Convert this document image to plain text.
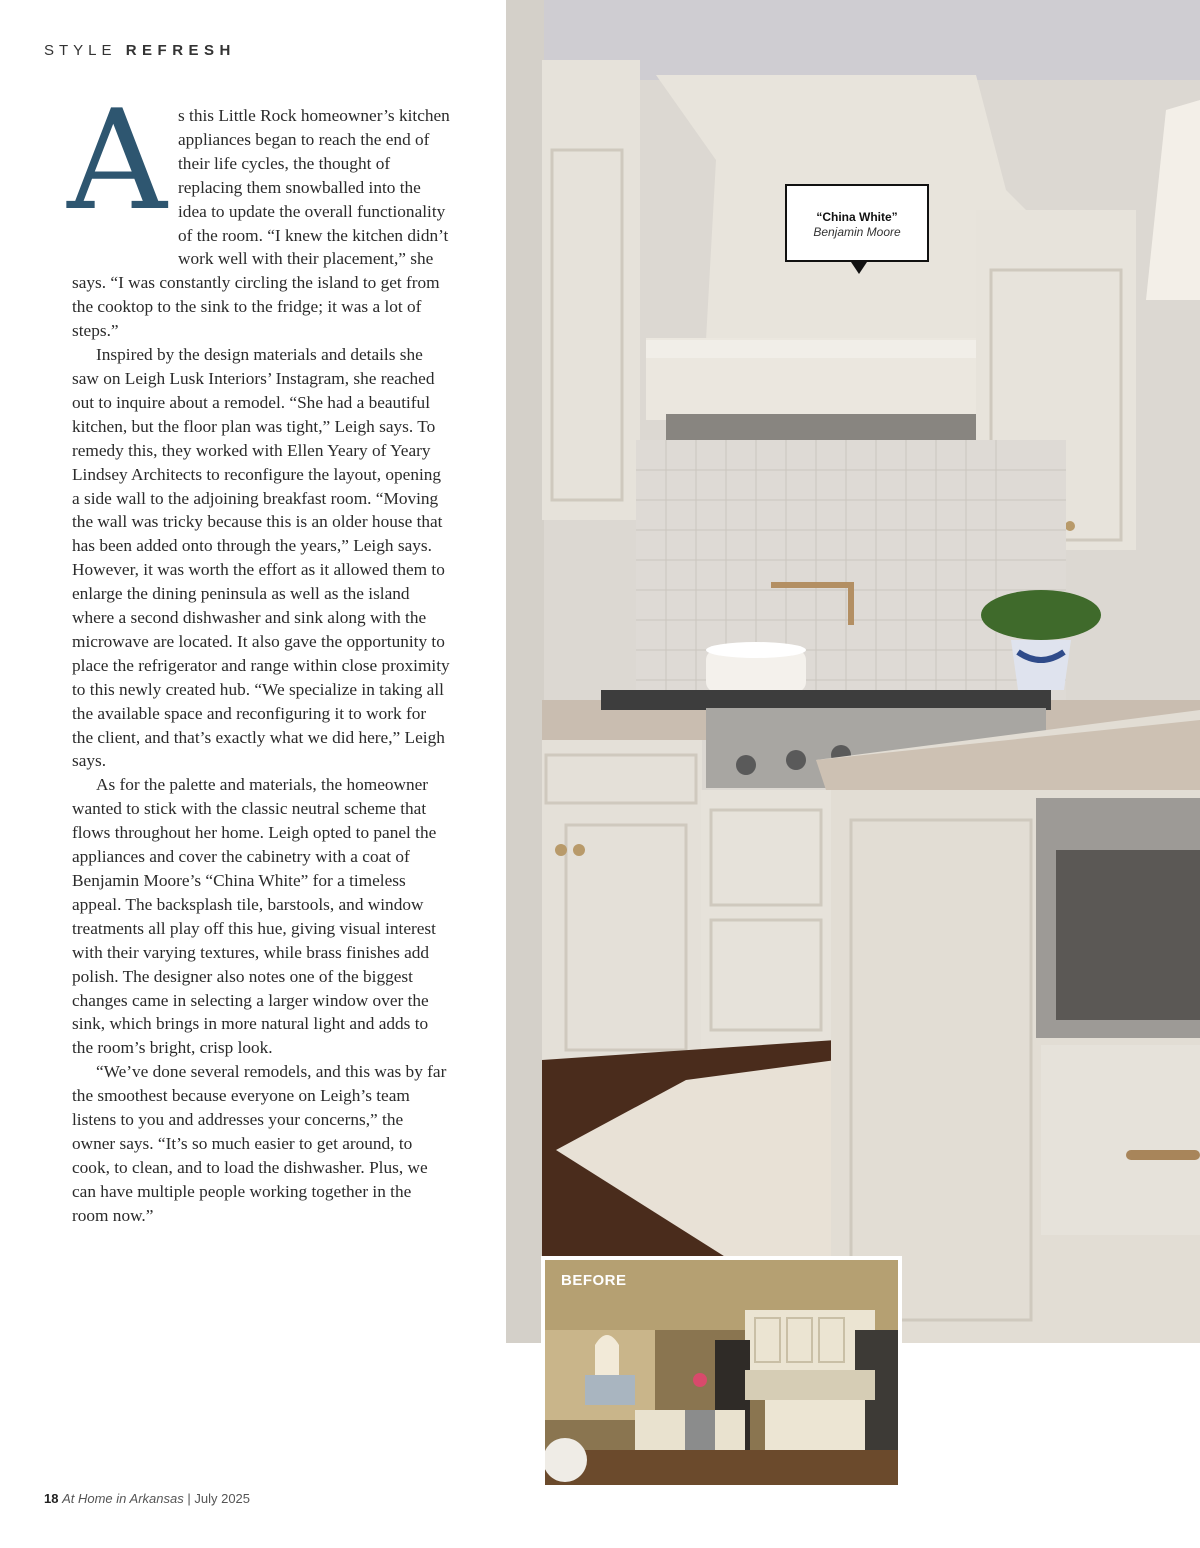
STYLE REFRESH

As this Little Rock homeowner’s kitchen appliances began to reach the end of their life cycles, the thought of replacing them snowballed into the idea to update the overall functionality of the room. “I knew the kitchen didn’t work well with their placement,” she says. “I was constantly circling the island to get from the cooktop to the sink to the fridge; it was a lot of steps.”

Inspired by the design materials and details she saw on Leigh Lusk Interiors’ Instagram, she reached out to inquire about a remodel. “She had a beautiful kitchen, but the floor plan was tight,” Leigh says. To remedy this, they worked with Ellen Yeary of Yeary Lindsey Architects to reconfigure the layout, opening a side wall to the adjoining breakfast room. “Moving the wall was tricky because this is an older house that has been added onto through the years,” Leigh says. However, it was worth the effort as it allowed them to enlarge the dining peninsula as well as the island where a second dishwasher and sink along with the microwave are located. It also gave the opportunity to place the refrigerator and range within close proximity to this newly created hub. “We specialize in taking all the available space and reconfiguring it to work for the client, and that’s exactly what we did here,” Leigh says.

As for the palette and materials, the homeowner wanted to stick with the classic neutral scheme that flows throughout her home. Leigh opted to panel the appliances and cover the cabinetry with a coat of Benjamin Moore’s “China White” for a timeless appeal. The backsplash tile, barstools, and window treatments all play off this hue, giving visual interest with their varying textures, while brass finishes add polish. The designer also notes one of the biggest changes came in selecting a larger window over the sink, which brings in more natural light and adds to the room’s bright, crisp look.

“We’ve done several remodels, and this was by far the smoothest because everyone on Leigh’s team listens to you and addresses your concerns,” the owner says. “It’s so much easier to get around, to cook, to clean, and to load the dishwasher. Plus, we can have multiple people working together in the room now.”

“China White”
Benjamin Moore
BEFORE
18 At Home in Arkansas | July 2025
